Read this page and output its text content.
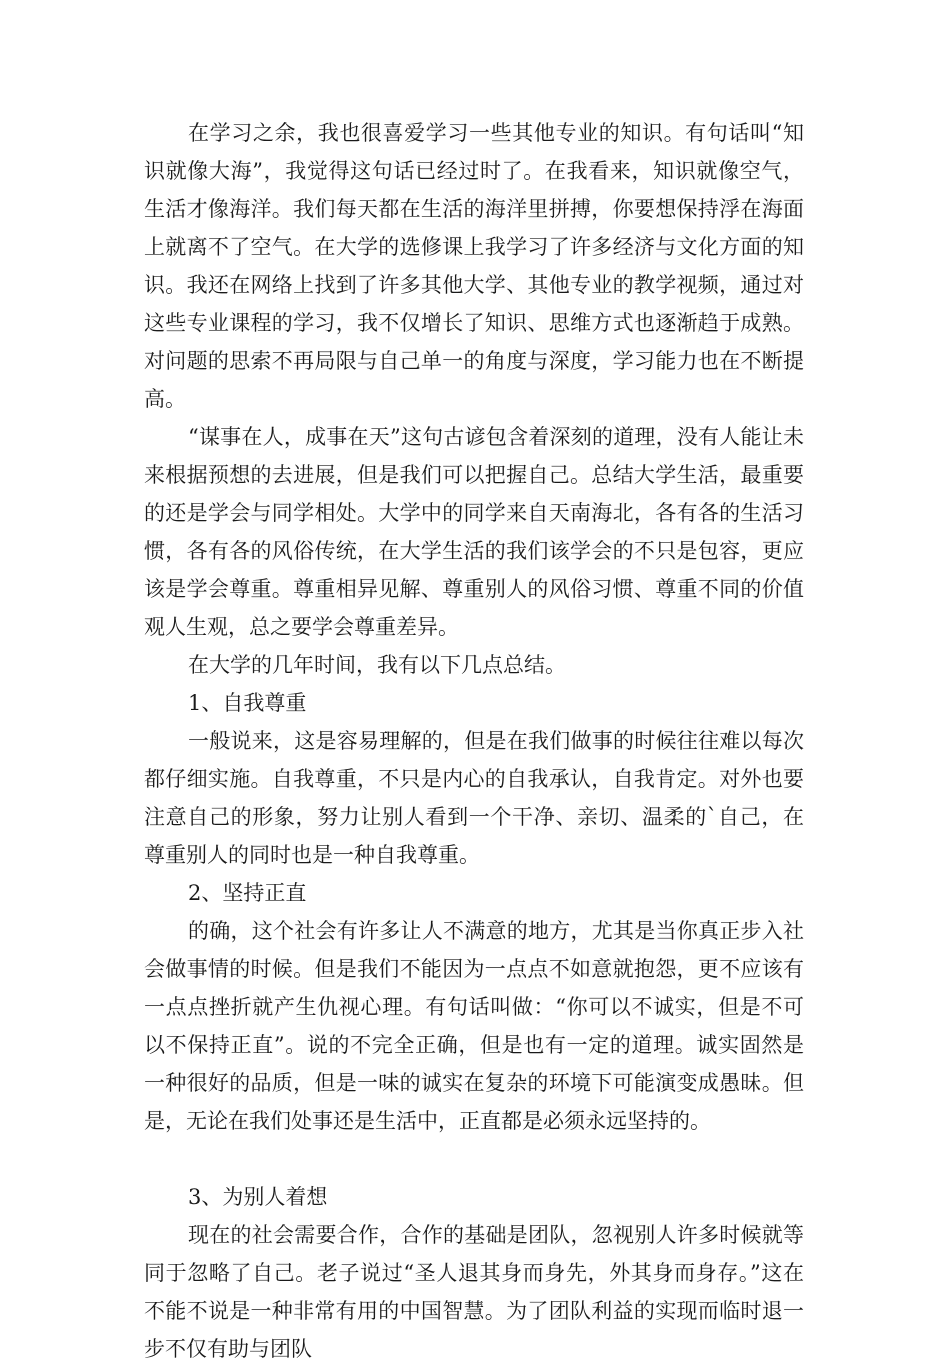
在学习之余，我也很喜爱学习一些其他专业的知识。有句话叫“知识就像大海”，我觉得这句话已经过时了。在我看来，知识就像空气，生活才像海洋。我们每天都在生活的海洋里拼搏，你要想保持浮在海面上就离不了空气。在大学的选修课上我学习了许多经济与文化方面的知识。我还在网络上找到了许多其他大学、其他专业的教学视频，通过对这些专业课程的学习，我不仅增长了知识、思维方式也逐渐趋于成熟。对问题的思索不再局限与自己单一的角度与深度，学习能力也在不断提高。

“谋事在人，成事在天”这句古谚包含着深刻的道理，没有人能让未来根据预想的去进展，但是我们可以把握自己。总结大学生活，最重要的还是学会与同学相处。大学中的同学来自天南海北，各有各的生活习惯，各有各的风俗传统，在大学生活的我们该学会的不只是包容，更应该是学会尊重。尊重相异见解、尊重别人的风俗习惯、尊重不同的价值观人生观，总之要学会尊重差异。

在大学的几年时间，我有以下几点总结。

1、自我尊重

一般说来，这是容易理解的，但是在我们做事的时候往往难以每次都仔细实施。自我尊重，不只是内心的自我承认，自我肯定。对外也要注意自己的形象，努力让别人看到一个干净、亲切、温柔的`自己，在尊重别人的同时也是一种自我尊重。

2、坚持正直

的确，这个社会有许多让人不满意的地方，尤其是当你真正步入社会做事情的时候。但是我们不能因为一点点不如意就抱怨，更不应该有一点点挫折就产生仇视心理。有句话叫做：“你可以不诚实，但是不可以不保持正直”。说的不完全正确，但是也有一定的道理。诚实固然是一种很好的品质，但是一味的诚实在复杂的环境下可能演变成愚昧。但是，无论在我们处事还是生活中，正直都是必须永远坚持的。

3、为别人着想

现在的社会需要合作，合作的基础是团队，忽视别人许多时候就等同于忽略了自己。老子说过“圣人退其身而身先，外其身而身存。”这在不能不说是一种非常有用的中国智慧。为了团队利益的实现而临时退一步不仅有助与团队
